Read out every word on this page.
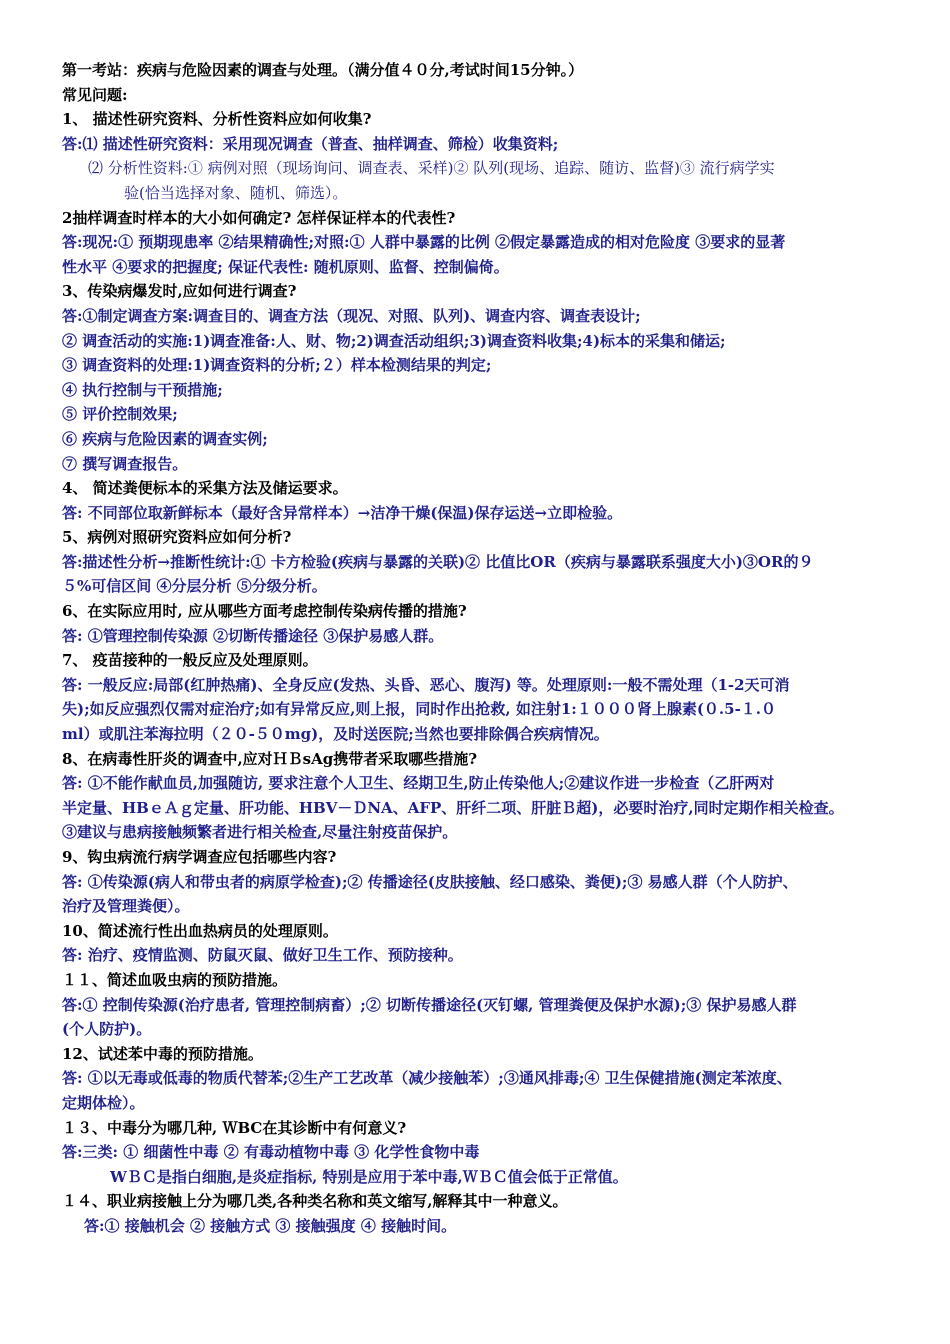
第一考站：疾病与危险因素的调查与处理。（满分值４０分,考试时间15分钟。）
常见问题:
1、 描述性研究资料、分析性资料应如何收集?
答:⑴ 描述性研究资料：采用现况调查（普查、抽样调查、筛检）收集资料;
⑵ 分析性资料:① 病例对照（现场询问、调查表、采样)② 队列(现场、追踪、随访、监督)③ 流行病学实
验(恰当选择对象、随机、筛选）。
2抽样调查时样本的大小如何确定? 怎样保证样本的代表性?
答:现况:① 预期现患率 ②结果精确性;对照:① 人群中暴露的比例 ②假定暴露造成的相对危险度 ③要求的显著
性水平 ④要求的把握度; 保证代表性: 随机原则、监督、控制偏倚。
3、传染病爆发时,应如何进行调查?
答:①制定调查方案:调查目的、调查方法（现况、对照、队列)、调查内容、调查表设计;
② 调查活动的实施:1)调查准备:人、财、物;2)调查活动组织;3)调查资料收集;4)标本的采集和储运;
③ 调查资料的处理:1)调查资料的分析;２）样本检测结果的判定;
④ 执行控制与干预措施;
⑤ 评价控制效果;
⑥ 疾病与危险因素的调查实例;
⑦ 撰写调查报告。
4、 简述粪便标本的采集方法及储运要求。
答: 不同部位取新鲜标本（最好含异常样本）→洁净干燥(保温)保存运送→立即检验。
5、病例对照研究资料应如何分析?
答:描述性分析→推断性统计:① 卡方检验(疾病与暴露的关联)② 比值比OR（疾病与暴露联系强度大小)③OR的９
５%可信区间 ④分层分析 ⑤分级分析。
6、在实际应用时, 应从哪些方面考虑控制传染病传播的措施?
答: ①管理控制传染源 ②切断传播途径 ③保护易感人群。
7、 疫苗接种的一般反应及处理原则。
答: 一般反应:局部(红肿热痛)、全身反应(发热、头昏、恶心、腹泻) 等。处理原则:一般不需处理（1-2天可消
失);如反应强烈仅需对症治疗;如有异常反应,则上报，同时作出抢救, 如注射1:１０００肾上腺素(０.5-１.０
ml）或肌注苯海拉明（２０-５０mg)，及时送医院;当然也要排除偶合疾病情况。
8、在病毒性肝炎的调查中,应对ＨＢsAg携带者采取哪些措施?
答: ①不能作献血员,加强随访, 要求注意个人卫生、经期卫生,防止传染他人;②建议作进一步检查（乙肝两对
半定量、HBｅＡｇ定量、肝功能、HBV－ＤNA、AFP、肝纤二项、肝脏Ｂ超)，必要时治疗,同时定期作相关检查。
③建议与患病接触频繁者进行相关检查,尽量注射疫苗保护。
9、钩虫病流行病学调查应包括哪些内容?
答: ①传染源(病人和带虫者的病原学检查);② 传播途径(皮肤接触、经口感染、粪便);③ 易感人群（个人防护、
治疗及管理粪便）。
10、简述流行性出血热病员的处理原则。
答: 治疗、疫情监测、防鼠灭鼠、做好卫生工作、预防接种。
１１、简述血吸虫病的预防措施。
答:① 控制传染源(治疗患者, 管理控制病畜）;② 切断传播途径(灭钉螺, 管理粪便及保护水源);③ 保护易感人群
(个人防护)。
12、试述苯中毒的预防措施。
答: ①以无毒或低毒的物质代替苯;②生产工艺改革（减少接触苯）;③通风排毒;④ 卫生保健措施(测定苯浓度、
定期体检）。
１３、中毒分为哪几种, ＷBC在其诊断中有何意义?
答:三类: ① 细菌性中毒 ② 有毒动植物中毒 ③ 化学性食物中毒
WＢＣ是指白细胞,是炎症指标, 特别是应用于苯中毒,ＷＢＣ值会低于正常值。
１４、职业病接触上分为哪几类,各种类名称和英文缩写,解释其中一种意义。
答:① 接触机会 ② 接触方式 ③ 接触强度 ④ 接触时间。
